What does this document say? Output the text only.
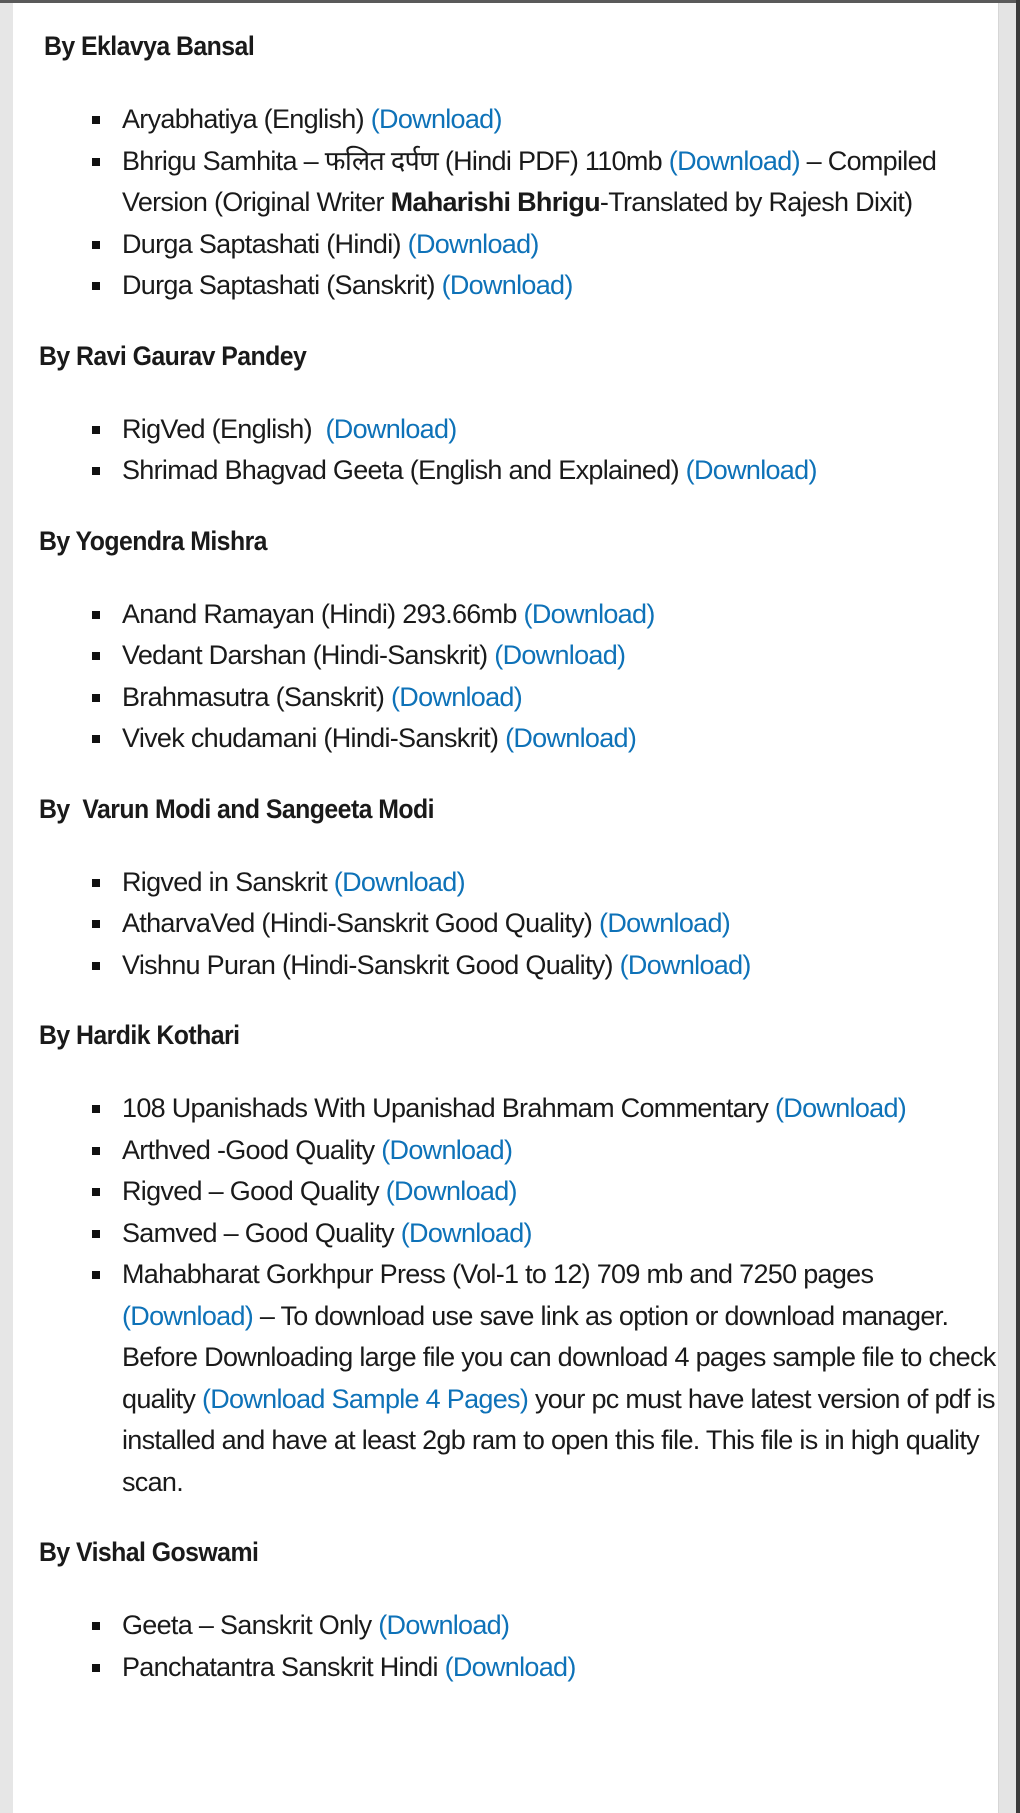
By Eklavya Bansal
Aryabhatiya (English) (Download)
Bhrigu Samhita – फलित दर्पण (Hindi PDF) 110mb (Download) – Compiled Version (Original Writer Maharishi Bhrigu-Translated by Rajesh Dixit)
Durga Saptashati (Hindi) (Download)
Durga Saptashati (Sanskrit) (Download)
By Ravi Gaurav Pandey
RigVed (English)  (Download)
Shrimad Bhagvad Geeta (English and Explained) (Download)
By Yogendra Mishra
Anand Ramayan (Hindi) 293.66mb (Download)
Vedant Darshan (Hindi-Sanskrit) (Download)
Brahmasutra (Sanskrit) (Download)
Vivek chudamani (Hindi-Sanskrit) (Download)
By  Varun Modi and Sangeeta Modi
Rigved in Sanskrit (Download)
AtharvaVed (Hindi-Sanskrit Good Quality) (Download)
Vishnu Puran (Hindi-Sanskrit Good Quality) (Download)
By Hardik Kothari
108 Upanishads With Upanishad Brahmam Commentary (Download)
Arthved -Good Quality (Download)
Rigved – Good Quality (Download)
Samved – Good Quality (Download)
Mahabharat Gorkhpur Press (Vol-1 to 12) 709 mb and 7250 pages (Download) – To download use save link as option or download manager. Before Downloading large file you can download 4 pages sample file to check quality (Download Sample 4 Pages) your pc must have latest version of pdf is installed and have at least 2gb ram to open this file. This file is in high quality scan.
By Vishal Goswami
Geeta – Sanskrit Only (Download)
Panchatantra Sanskrit Hindi (Download)
